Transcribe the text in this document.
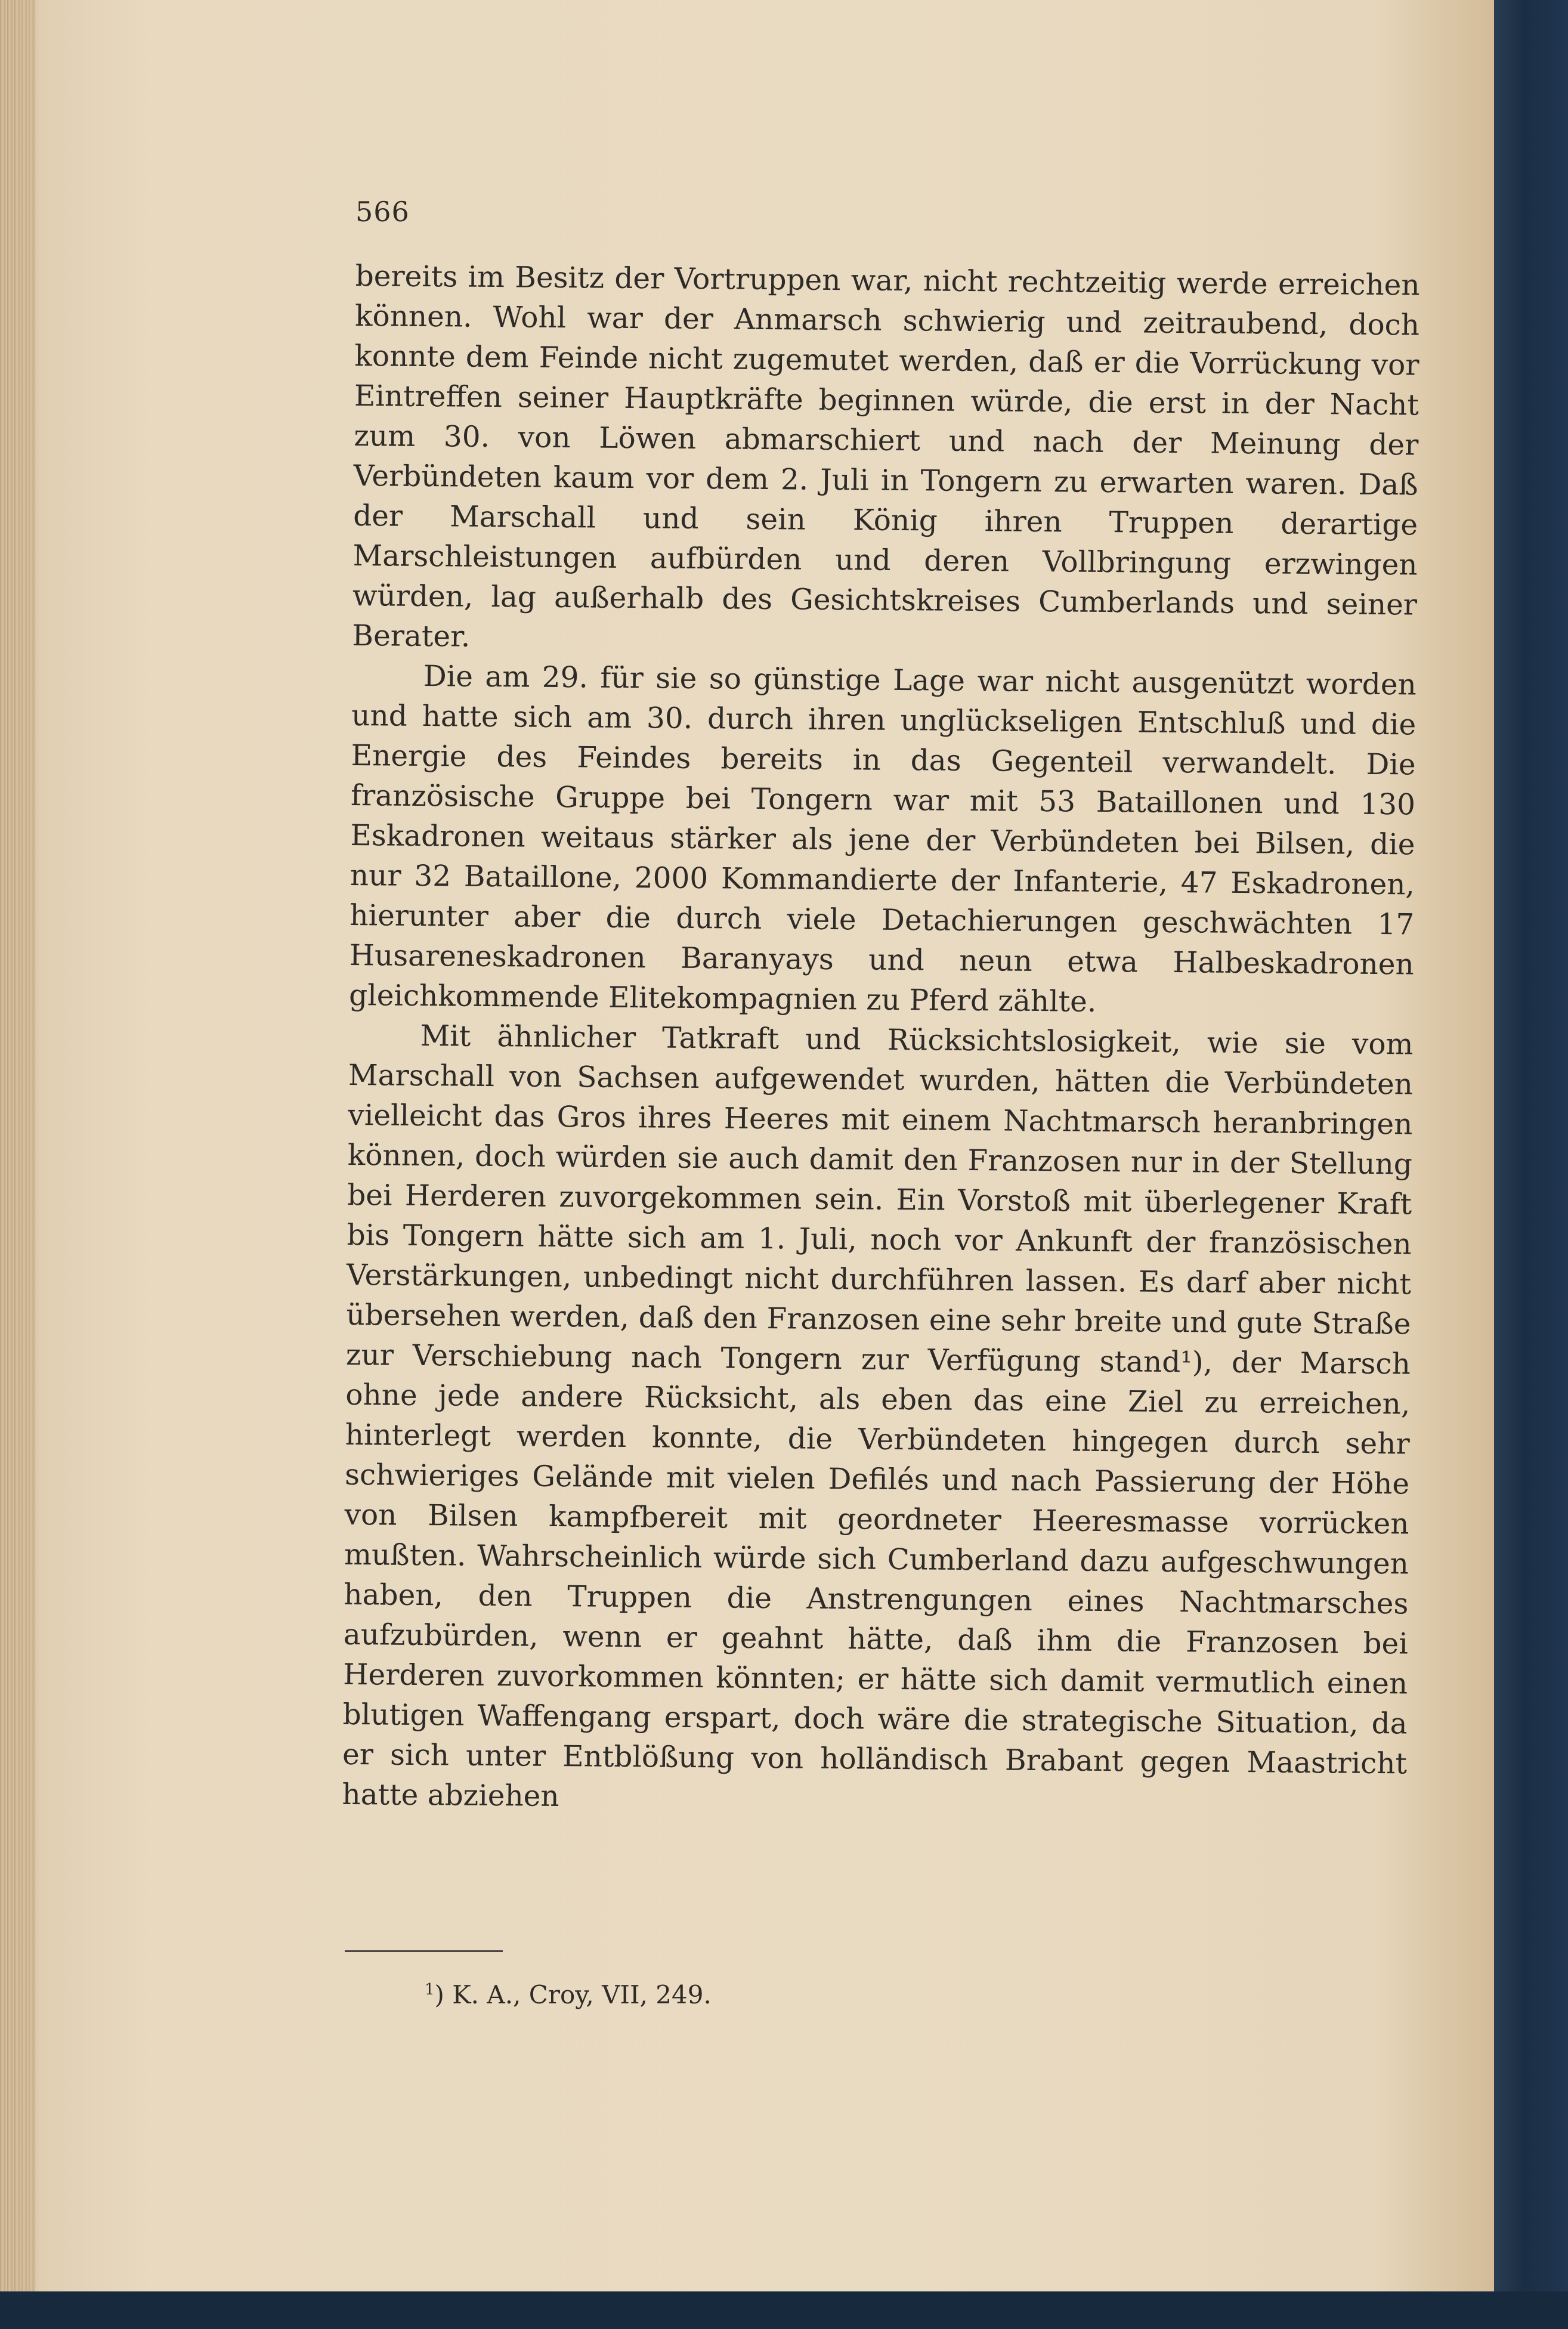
566

bereits im Besitz der Vortruppen war, nicht rechtzeitig werde erreichen können. Wohl war der Anmarsch schwierig und zeitraubend, doch konnte dem Feinde nicht zugemutet werden, daß er die Vorrückung vor Eintreffen seiner Hauptkräfte beginnen würde, die erst in der Nacht zum 30. von Löwen abmarschiert und nach der Meinung der Verbündeten kaum vor dem 2. Juli in Tongern zu erwarten waren. Daß der Marschall und sein König ihren Truppen derartige Marschleistungen aufbürden und deren Vollbringung erzwingen würden, lag außerhalb des Gesichtskreises Cumberlands und seiner Berater.

Die am 29. für sie so günstige Lage war nicht ausgenützt worden und hatte sich am 30. durch ihren unglückseligen Entschluß und die Energie des Feindes bereits in das Gegenteil verwandelt. Die französische Gruppe bei Tongern war mit 53 Bataillonen und 130 Eskadronen weitaus stärker als jene der Verbündeten bei Bilsen, die nur 32 Bataillone, 2000 Kommandierte der Infanterie, 47 Eskadronen, hierunter aber die durch viele Detachierungen geschwächten 17 Husareneskadronen Baranyays und neun etwa Halbeskadronen gleichkommende Elitekompagnien zu Pferd zählte.

Mit ähnlicher Tatkraft und Rücksichtslosigkeit, wie sie vom Marschall von Sachsen aufgewendet wurden, hätten die Verbündeten vielleicht das Gros ihres Heeres mit einem Nachtmarsch heranbringen können, doch würden sie auch damit den Franzosen nur in der Stellung bei Herderen zuvorgekommen sein. Ein Vorstoß mit überlegener Kraft bis Tongern hätte sich am 1. Juli, noch vor Ankunft der französischen Verstärkungen, unbedingt nicht durchführen lassen. Es darf aber nicht übersehen werden, daß den Franzosen eine sehr breite und gute Straße zur Verschiebung nach Tongern zur Verfügung stand¹), der Marsch ohne jede andere Rücksicht, als eben das eine Ziel zu erreichen, hinterlegt werden konnte, die Verbündeten hingegen durch sehr schwieriges Gelände mit vielen Defilés und nach Passierung der Höhe von Bilsen kampfbereit mit geordneter Heeresmasse vorrücken mußten. Wahrscheinlich würde sich Cumberland dazu aufgeschwungen haben, den Truppen die Anstrengungen eines Nachtmarsches aufzubürden, wenn er geahnt hätte, daß ihm die Franzosen bei Herderen zuvorkommen könnten; er hätte sich damit vermutlich einen blutigen Waffengang erspart, doch wäre die strategische Situation, da er sich unter Entblößung von holländisch Brabant gegen Maastricht hatte abziehen

$^1$) K. A., Croy, VII, 249.
